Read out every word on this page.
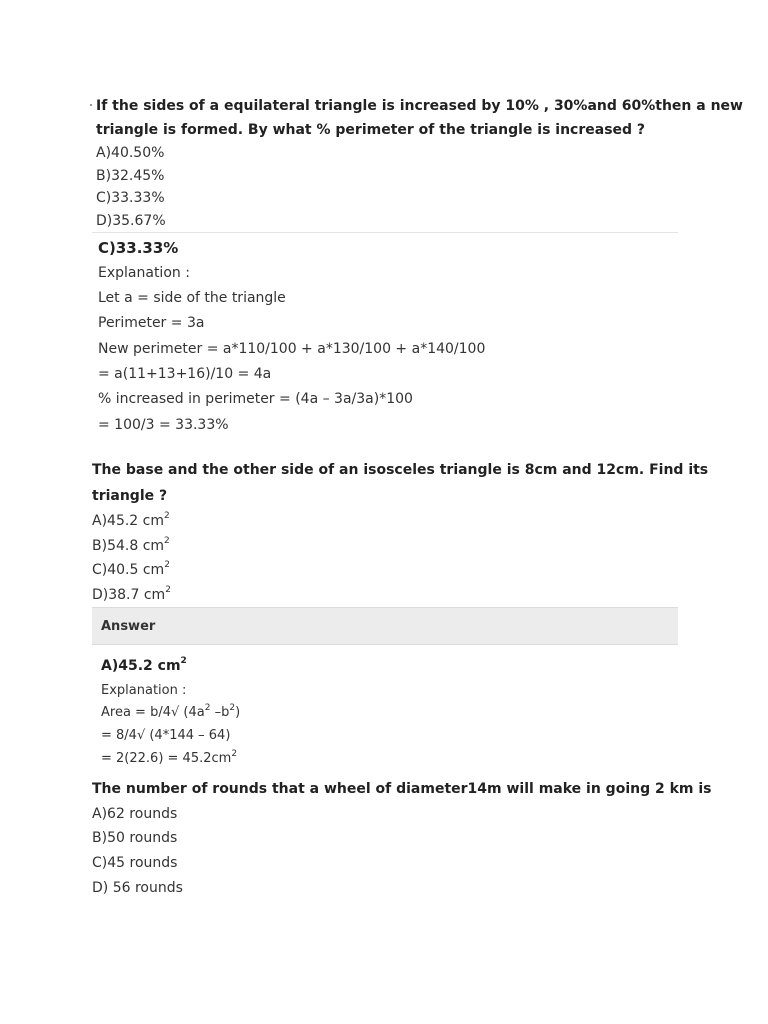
If the sides of a equilateral triangle is increased by 10% , 30%and 60%then a new
triangle is formed. By what % perimeter of the triangle is increased ?
A)40.50%
B)32.45%
C)33.33%
D)35.67%
C)33.33%
Explanation :
Let a = side of the triangle
Perimeter = 3a
New perimeter = a*110/100 + a*130/100 + a*140/100
= a(11+13+16)/10 = 4a
% increased in perimeter = (4a – 3a/3a)*100
= 100/3 = 33.33%
The base and the other side of an isosceles triangle is 8cm and 12cm. Find its
triangle ?
A)45.2 $cm^2$
B)54.8 $cm^2$
C)40.5 $cm^2$
D)38.7 $cm^2$
Answer
A)45.2 $cm^2$
Explanation :
Area = b/4√ ($4a^2$ $-b^2$)
= 8/4√ (4*144 – 64)
= $2(22.6) = 45.2cm^2$
The number of rounds that a wheel of diameter14m will make in going 2 km is
A)62 rounds
B)50 rounds
C)45 rounds
D) 56 rounds
